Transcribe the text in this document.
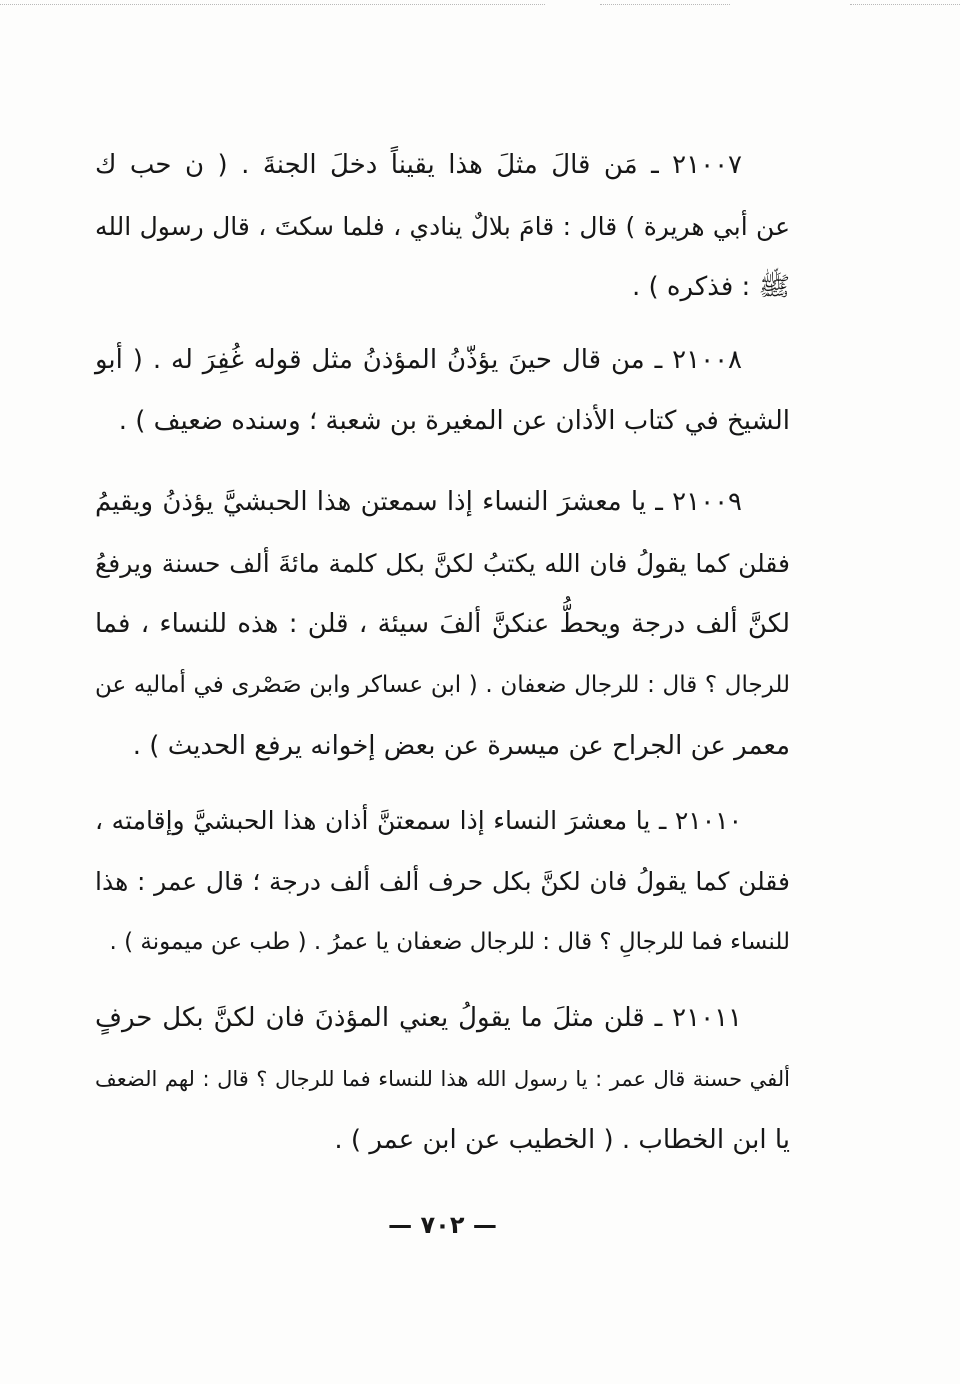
٢١٠٠٧ ـ مَن قالَ مثلَ هذا يقيناً دخلَ الجنةَ . ( ن حب ك
عن أبي هريرة ) قال : قامَ بلالٌ ينادي ، فلما سكتَ ، قال رسول الله
ﷺ : فذكره ) .
٢١٠٠٨ ـ من قال حينَ يؤذّنُ المؤذنُ مثل قوله غُفِرَ له . ( أبو
الشيخ في كتاب الأذان عن المغيرة بن شعبة ؛ وسنده ضعيف ) .
٢١٠٠٩ ـ يا معشرَ النساء إذا سمعتن هذا الحبشيَّ يؤذنُ ويقيمُ
فقلن كما يقولُ فان الله يكتبُ لكنَّ بكل كلمة مائةَ ألف حسنة ويرفعُ
لكنَّ ألف درجة ويحطُّ عنكنَّ ألفَ سيئة ، قلن : هذه للنساء ، فما
للرجال ؟ قال : للرجال ضعفان . ( ابن عساكر وابن صَصْرى في أماليه عن
معمر عن الجراح عن ميسرة عن بعض إخوانه يرفع الحديث ) .
٢١٠١٠ ـ يا معشرَ النساء إذا سمعتنَّ أذان هذا الحبشيَّ وإقامته ،
فقلن كما يقولُ فان لكنَّ بكل حرف ألف ألف درجة ؛ قال عمر : هذا
للنساء فما للرجالِ ؟ قال : للرجال ضعفان يا عمرُ . ( طب عن ميمونة ) .
٢١٠١١ ـ قلن مثلَ ما يقولُ يعني المؤذنَ فان لكنَّ بكل حرفٍ
ألفي حسنة قال عمر : يا رسول الله هذا للنساء فما للرجال ؟ قال : لهم الضعف
يا ابن الخطاب . ( الخطيب عن ابن عمر ) .
— ٧٠٢ —
